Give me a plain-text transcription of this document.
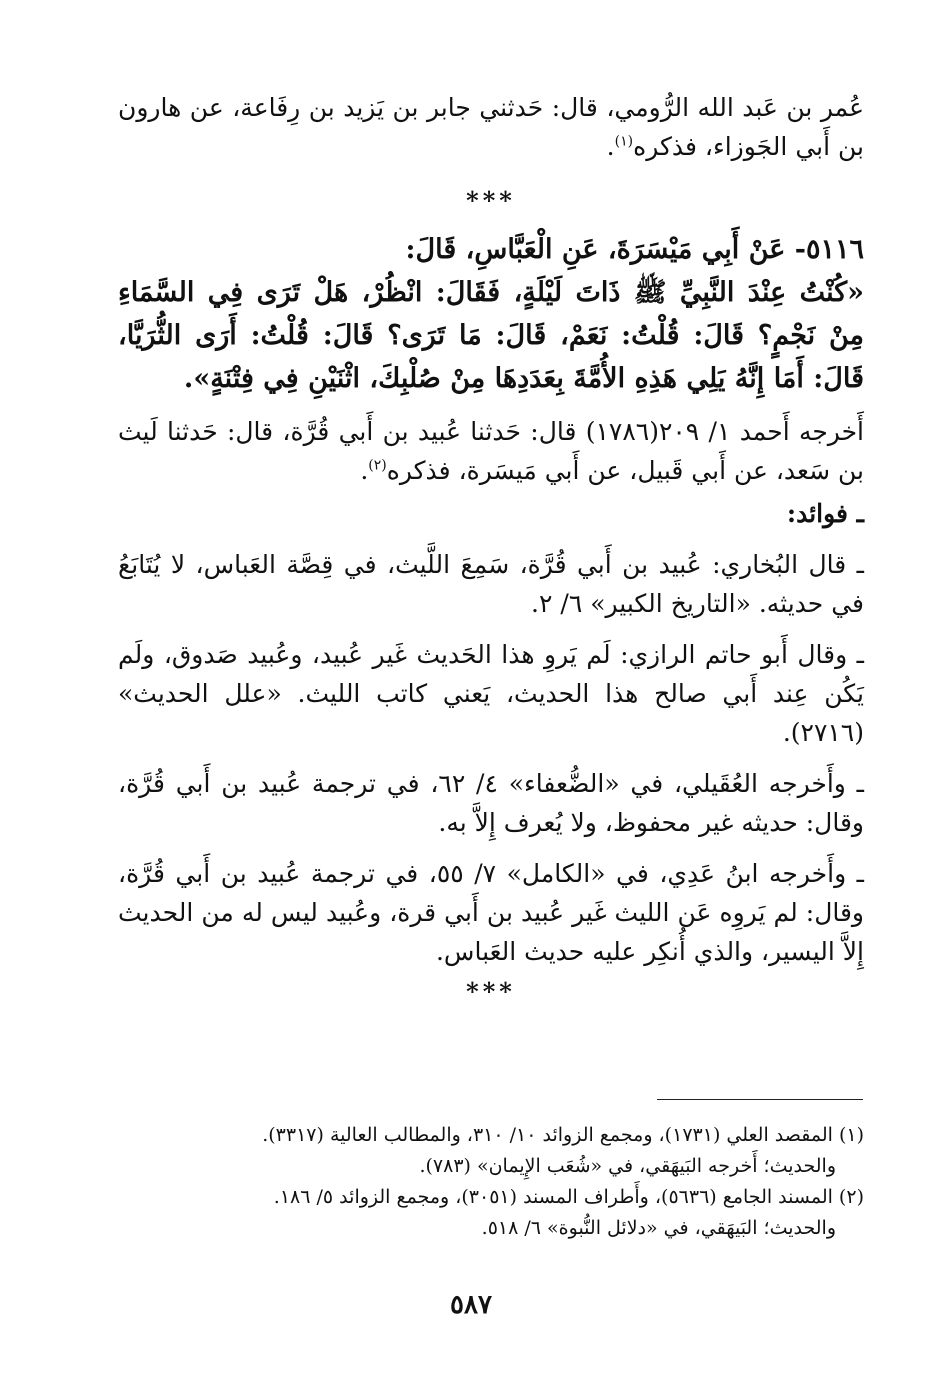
عُمر بن عَبد الله الرُّومي، قال: حَدثني جابر بن يَزيد بن رِفَاعة، عن هارون بن أَبي الجَوزاء، فذكره$^{(١)}$.

***

٥١١٦- عَنْ أَبِي مَيْسَرَةَ، عَنِ الْعَبَّاسِ، قَالَ:

«كُنْتُ عِنْدَ النَّبِيِّ ﷺ ذَاتَ لَيْلَةٍ، فَقَالَ: انْظُرْ، هَلْ تَرَى فِي السَّمَاءِ مِنْ نَجْمٍ؟ قَالَ: قُلْتُ: نَعَمْ، قَالَ: مَا تَرَى؟ قَالَ: قُلْتُ: أَرَى الثُّرَيَّا، قَالَ: أَمَا إِنَّهُ يَلِي هَذِهِ الأُمَّةَ بِعَدَدِهَا مِنْ صُلْبِكَ، اثْنَيْنِ فِي فِتْنَةٍ».

أَخرجه أَحمد ١/ ٢٠٩(١٧٨٦) قال: حَدثنا عُبيد بن أَبي قُرَّة، قال: حَدثنا لَيث بن سَعد، عن أَبي قَبيل، عن أَبي مَيسَرة، فذكره$^{(٢)}$.

ـ فوائد:

ـ قال البُخاري: عُبيد بن أَبي قُرَّة، سَمِعَ اللَّيث، في قِصَّة العَباس، لا يُتَابَعُ في حديثه. «التاريخ الكبير» ٦/ ٢.

ـ وقال أَبو حاتم الرازي: لَم يَروِ هذا الحَديث غَير عُبيد، وعُبيد صَدوق، ولَم يَكُن عِند أَبي صالح هذا الحديث، يَعني كاتب الليث. «علل الحديث» (٢٧١٦).

ـ وأَخرجه العُقَيلي، في «الضُّعفاء» ٤/ ٦٢، في ترجمة عُبيد بن أَبي قُرَّة، وقال: حديثه غير محفوظ، ولا يُعرف إِلاَّ به.

ـ وأَخرجه ابنُ عَدِي، في «الكامل» ٧/ ٥٥، في ترجمة عُبيد بن أَبي قُرَّة، وقال: لم يَروِه عَن الليث غَير عُبيد بن أَبي قرة، وعُبيد ليس له من الحديث إِلاَّ اليسير، والذي أُنكِر عليه حديث العَباس.

***

(١) المقصد العلي (١٧٣١)، ومجمع الزوائد ١٠/ ٣١٠، والمطالب العالية (٣٣١٧).

والحديث؛ أَخرجه البَيهَقي، في «شُعَب الإِيمان» (٧٨٣).

(٢) المسند الجامع (٥٦٣٦)، وأَطراف المسند (٣٠٥١)، ومجمع الزوائد ٥/ ١٨٦.

والحديث؛ البَيهَقي، في «دلائل النُّبوة» ٦/ ٥١٨.

٥٨٧
